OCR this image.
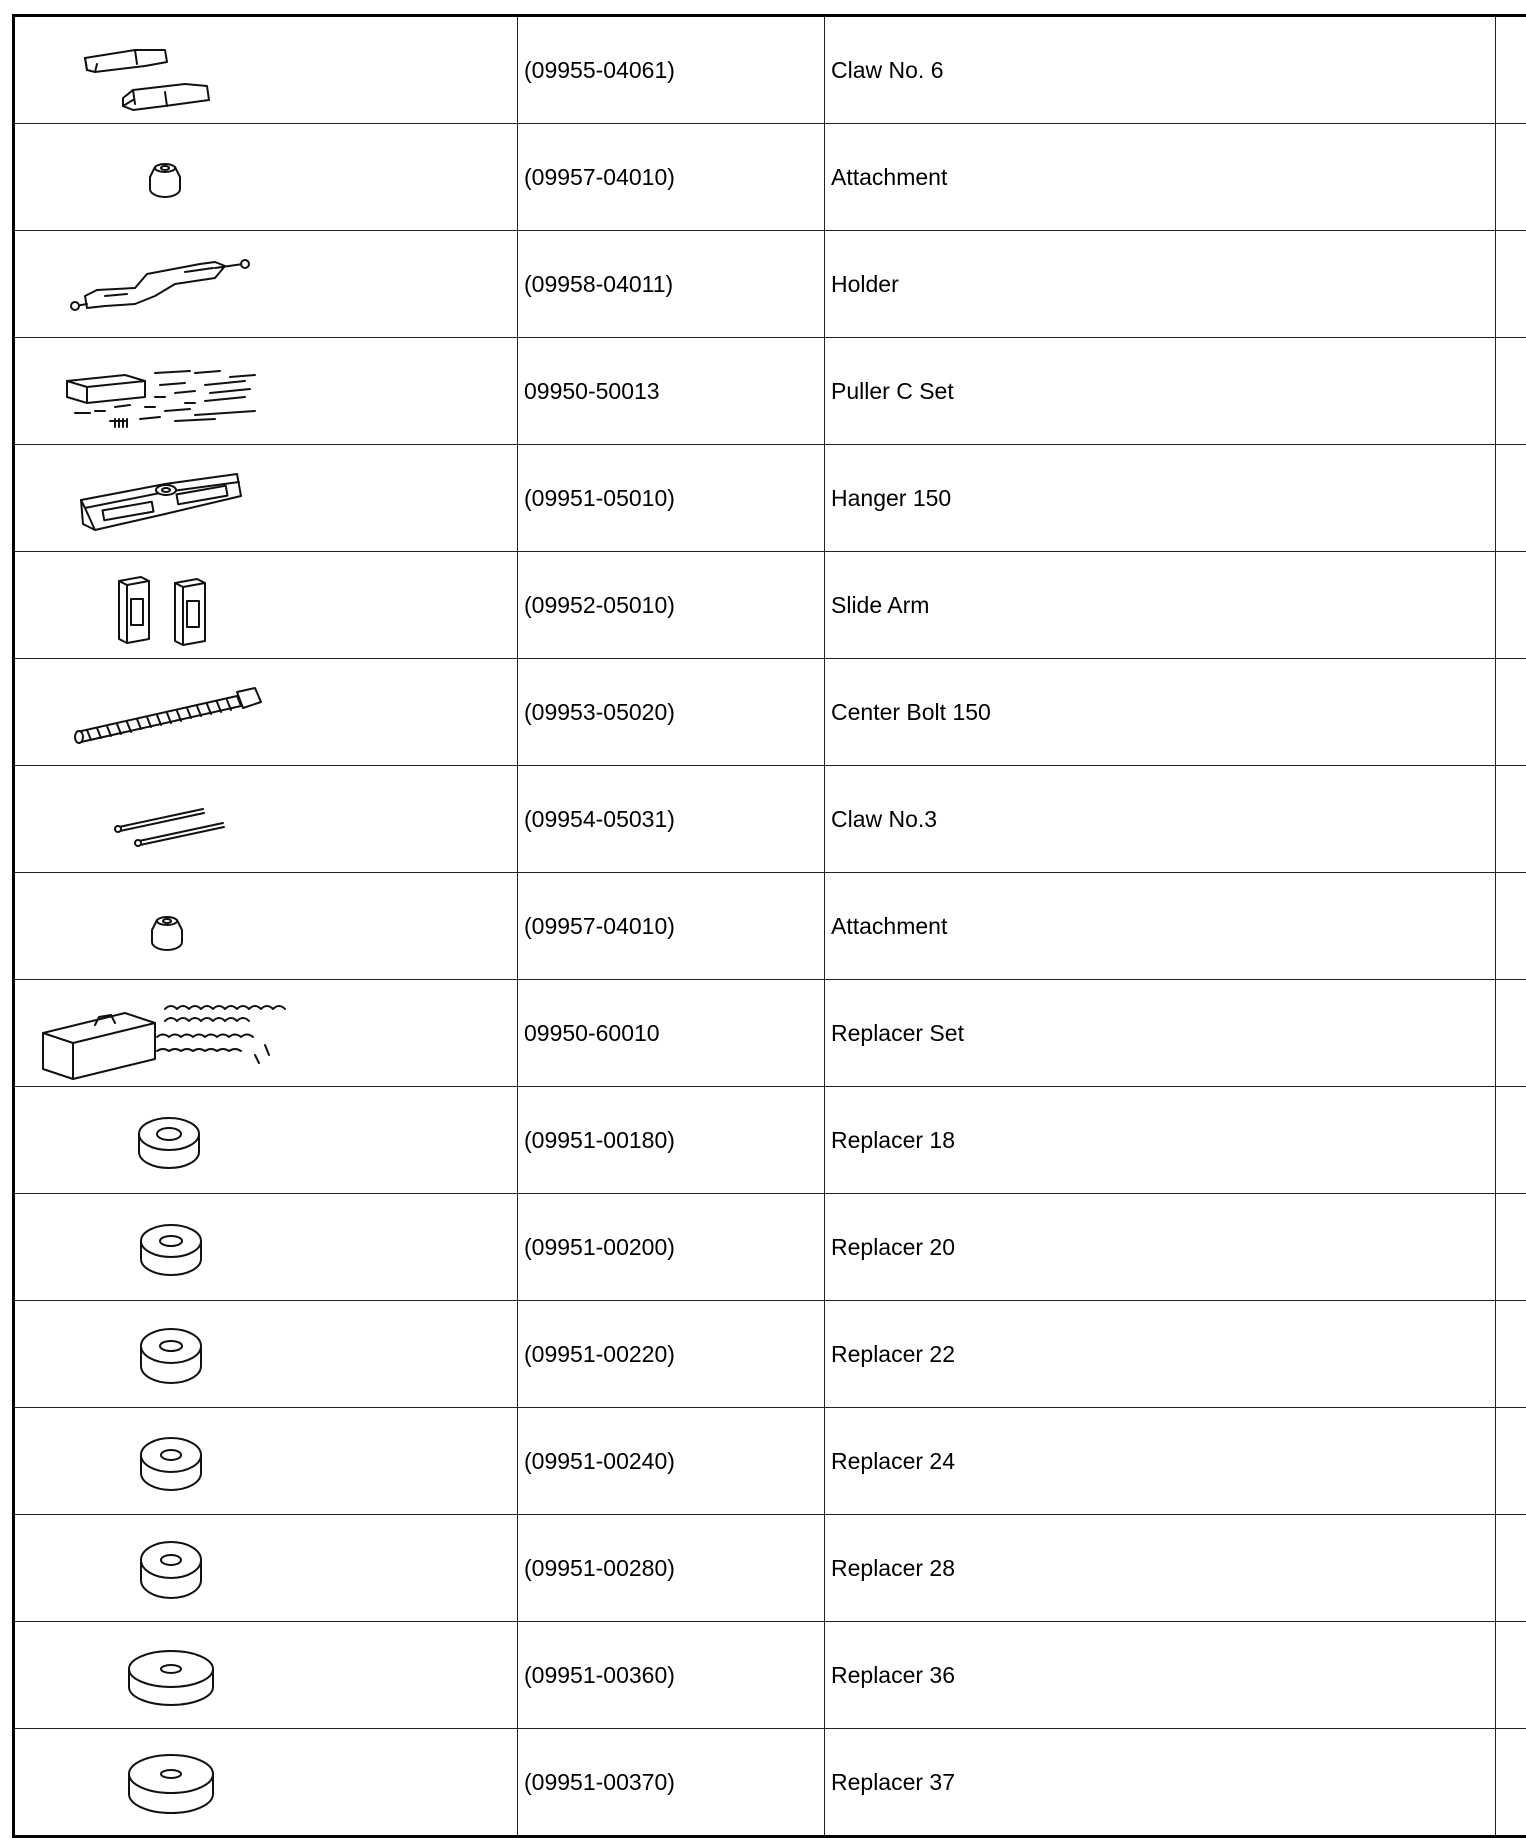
	(09955-04061)	Claw No. 6	

	(09957-04010)	Attachment	

	(09958-04011)	Holder	

	09950-50013	Puller C Set	

	(09951-05010)	Hanger 150	

	(09952-05010)	Slide Arm	

	(09953-05020)	Center Bolt 150	

	(09954-05031)	Claw No.3	

	(09957-04010)	Attachment	

	09950-60010	Replacer Set	

	(09951-00180)	Replacer 18	

	(09951-00200)	Replacer 20	

	(09951-00220)	Replacer 22	

	(09951-00240)	Replacer 24	

	(09951-00280)	Replacer 28	

	(09951-00360)	Replacer 36	

	(09951-00370)	Replacer 37	
